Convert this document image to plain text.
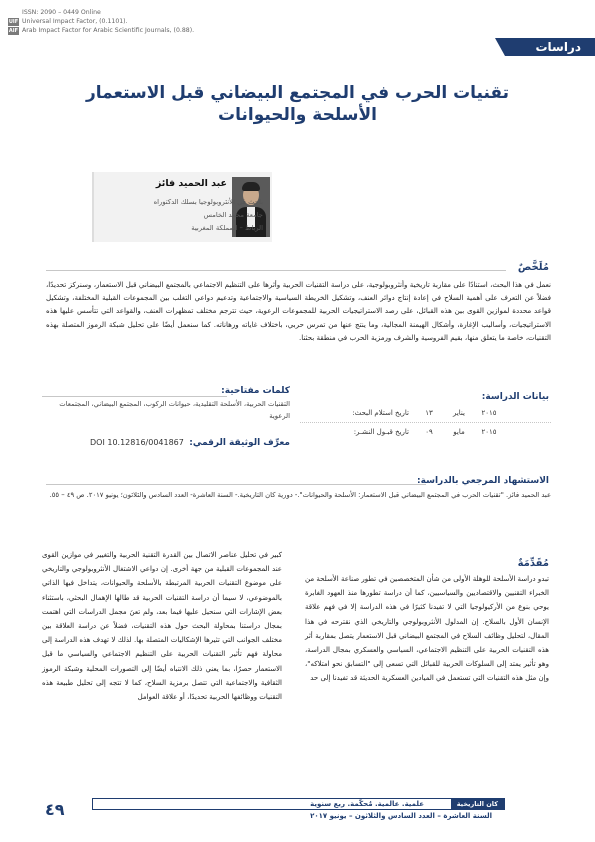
ISSN: 2090 – 0449 Online
UIF Universal Impact Factor, (0.1101).
AIF Arab Impact Factor for Arabic Scientific Journals, (0.88).
دراسات
تقنيات الحرب في المجتمع البيضاني قبل الاستعمار
الأسلحة والحيوانات
عبد الحميد فائز
باحث في الأنثروبولوجيا بسلك الدكتوراه
جامعة محمد الخامس
الرباط – المملكة المغربية
مُلَخَّصٌ
نعمل في هذا البحث، استنادًا على مقاربة تاريخية وأنثروبولوجية، على دراسة التقنيات الحربية وأثرها على التنظيم الاجتماعي بالمجتمع البيضاني قبل الاستعمار، وسنركز تحديدًا، فضلاً عن التعرف على أهمية السلاح في إعادة إنتاج دوائر العنف، وتشكيل الخريطة السياسية والاجتماعية وتدعيم دواعي التغلب بين المجموعات القبلية المختلفة، وتشكيل قواعد محددة لموازين القوى بين هذه القبائل، على رصد الاستراتيجيات الحربية للمجموعات الرعوية، حيث تترجم مختلف تمظهرات العنف، والقواعد التي تتأسس عليها هذه الاستراتيجيات، وأساليب الإغارة، وأشكال الهيمنة المجالية، وما ينتج عنها من تمرس حربي، باختلاف غاياته ورهاناته. كما سنعمل أيضًا على تحليل شبكة الرموز المتصلة بهذه التقنيات، خاصة ما يتعلق منها، بقيم الفروسية والشرف ورمزية الحرب في منطقة بحثنا.
بيانات الدراسة:
٢٠١٥
يناير
١٣
تاريخ استلام البحث:
٢٠١٥
مايو
٠٩
تاريخ قبـول النشـر:
كلمات مفتاحية:
التقنيات الحربية، الأسلحة التقليدية، حيوانات الركوب، المجتمع البيضاني، المجتمعات الرعوية
معرِّف الوثيقة الرقمي:
DOI 10.12816/0041867
الاستشهاد المرجعي بالدراسة:
عبد الحميد فائز. "تقنيات الحرب في المجتمع البيضاني قبل الاستعمار: الأسلحة والحيوانات".- دورية كان التاريخية.- السنة العاشرة- العدد السادس والثلاثون؛ يونيو ٢٠١٧. ص ٤٩ – ٥٥.
مُقَدِّمَةٌ
تبدو دراسة الأسلحة للوهلة الأولى من شأن المتخصصين في تطور صناعة الأسلحة من الخبراء التقنيين والاقتصاديين والسياسيين، كما أن دراسة تطورها منذ العهود الغابرة يوحي بنوع من الأركيولوجيا التي لا تفيدنا كثيرًا في هذه الدراسة إلا في فهم علاقة الإنسان الأول بالسلاح. إن المدلول الأنثروبولوجي والتاريخي الذي نقترحه في هذا المقال، لتحليل وظائف السلاح في المجتمع البيضاني قبل الاستعمار يتصل بمقاربة أثر هذه التقنيات الحربية على التنظيم الاجتماعي، السياسي والعسكري بمجال الدراسة، وهو تأثير يمتد إلى السلوكات الحربية للقبائل التي تسعى إلى "التسابق نحو امتلاكه"، وإن مثل هذه التقنيات التي تستعمل في الميادين العسكرية الحديثة قد تفيدنا إلى حد
كبير في تحليل عناصر الاتصال بين القدرة التقنية الحربية والتغيير في موازين القوى عند المجموعات القبلية من جهة أخرى. إن دواعي الاشتغال الأنثروبولوجي والتاريخي على موضوع التقنيات الحربية المرتبطة بالأسلحة والحيوانات، يتداخل فيها الذاتي بالموضوعي، لا سيما أن دراسة التقنيات الحربية قد طالها الإهمال البحثي، باستثناء بعض الإشارات التي سنحيل عليها فيما بعد، ولم تعنَ مجمل الدراسات التي اهتمت بمجال دراستنا بمحاولة البحث حول هذه التقنيات، فضلاً عن دراسة العلاقة بين مختلف الجوانب التي تثيرها الإشكاليات المتصلة بها. لذلك لا تهدف هذه الدراسة إلى محاولة فهم تأثير التقنيات الحربية على التنظيم الاجتماعي والسياسي ما قبل الاستعمار حصرًا، بما يعني ذلك الانتباه أيضًا إلى التصورات المحلية وشبكة الرموز الثقافية والاجتماعية التي تتصل برمزية السلاح، كما لا تتجه إلى تحليل طبيعة هذه التقنيات ووظائفها الحربية تحديدًا، أو علاقة العوامل
٤٩	كان التاريخية
علمية. عالمية. مُحكَّمة. ربع سنوية
السنة العاشرة – العدد السادس والثلاثون – يونيو ٢٠١٧
